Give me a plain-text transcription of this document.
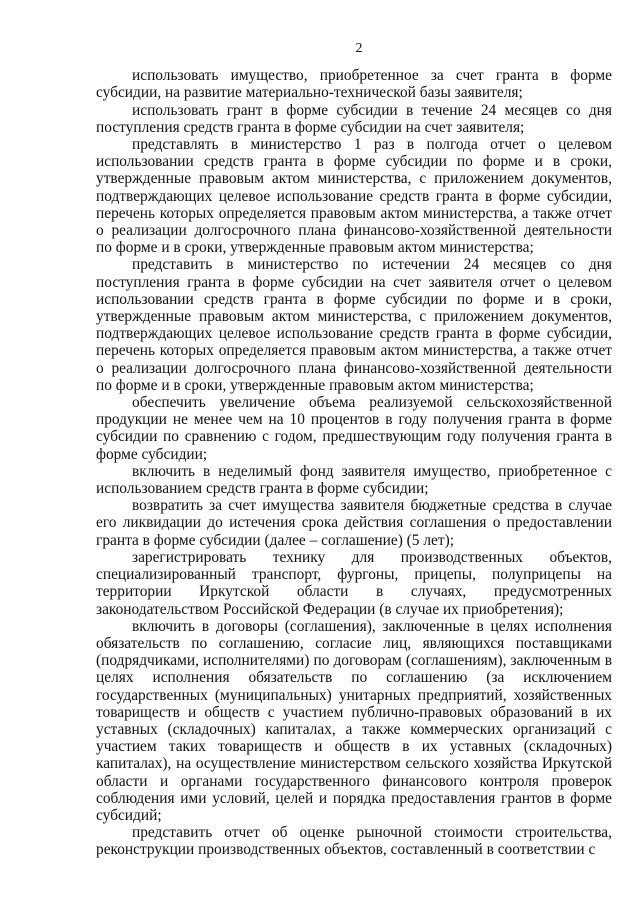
2

использовать имущество, приобретенное за счет гранта в форме субсидии, на развитие материально-технической базы заявителя;

использовать грант в форме субсидии в течение 24 месяцев со дня поступления средств гранта в форме субсидии на счет заявителя;

представлять в министерство 1 раз в полгода отчет о целевом использовании средств гранта в форме субсидии по форме и в сроки, утвержденные правовым актом министерства, с приложением документов, подтверждающих целевое использование средств гранта в форме субсидии, перечень которых определяется правовым актом министерства, а также отчет о реализации долгосрочного плана финансово-хозяйственной деятельности по форме и в сроки, утвержденные правовым актом министерства;

представить в министерство по истечении 24 месяцев со дня поступления гранта в форме субсидии на счет заявителя отчет о целевом использовании средств гранта в форме субсидии по форме и в сроки, утвержденные правовым актом министерства, с приложением документов, подтверждающих целевое использование средств гранта в форме субсидии, перечень которых определяется правовым актом министерства, а также отчет о реализации долгосрочного плана финансово-хозяйственной деятельности по форме и в сроки, утвержденные правовым актом министерства;

обеспечить увеличение объема реализуемой сельскохозяйственной продукции не менее чем на 10 процентов в году получения гранта в форме субсидии по сравнению с годом, предшествующим году получения гранта в форме субсидии;

включить в неделимый фонд заявителя имущество, приобретенное с использованием средств гранта в форме субсидии;

возвратить за счет имущества заявителя бюджетные средства в случае его ликвидации до истечения срока действия соглашения о предоставлении гранта в форме субсидии (далее – соглашение) (5 лет);

зарегистрировать технику для производственных объектов, специализированный транспорт, фургоны, прицепы, полуприцепы на территории Иркутской области в случаях, предусмотренных законодательством Российской Федерации (в случае их приобретения);

включить в договоры (соглашения), заключенные в целях исполнения обязательств по соглашению, согласие лиц, являющихся поставщиками (подрядчиками, исполнителями) по договорам (соглашениям), заключенным в целях исполнения обязательств по соглашению (за исключением государственных (муниципальных) унитарных предприятий, хозяйственных товариществ и обществ с участием публично-правовых образований в их уставных (складочных) капиталах, а также коммерческих организаций с участием таких товариществ и обществ в их уставных (складочных) капиталах), на осуществление министерством сельского хозяйства Иркутской области и органами государственного финансового контроля проверок соблюдения ими условий, целей и порядка предоставления грантов в форме субсидий;

представить отчет об оценке рыночной стоимости строительства, реконструкции производственных объектов, составленный в соответствии с
